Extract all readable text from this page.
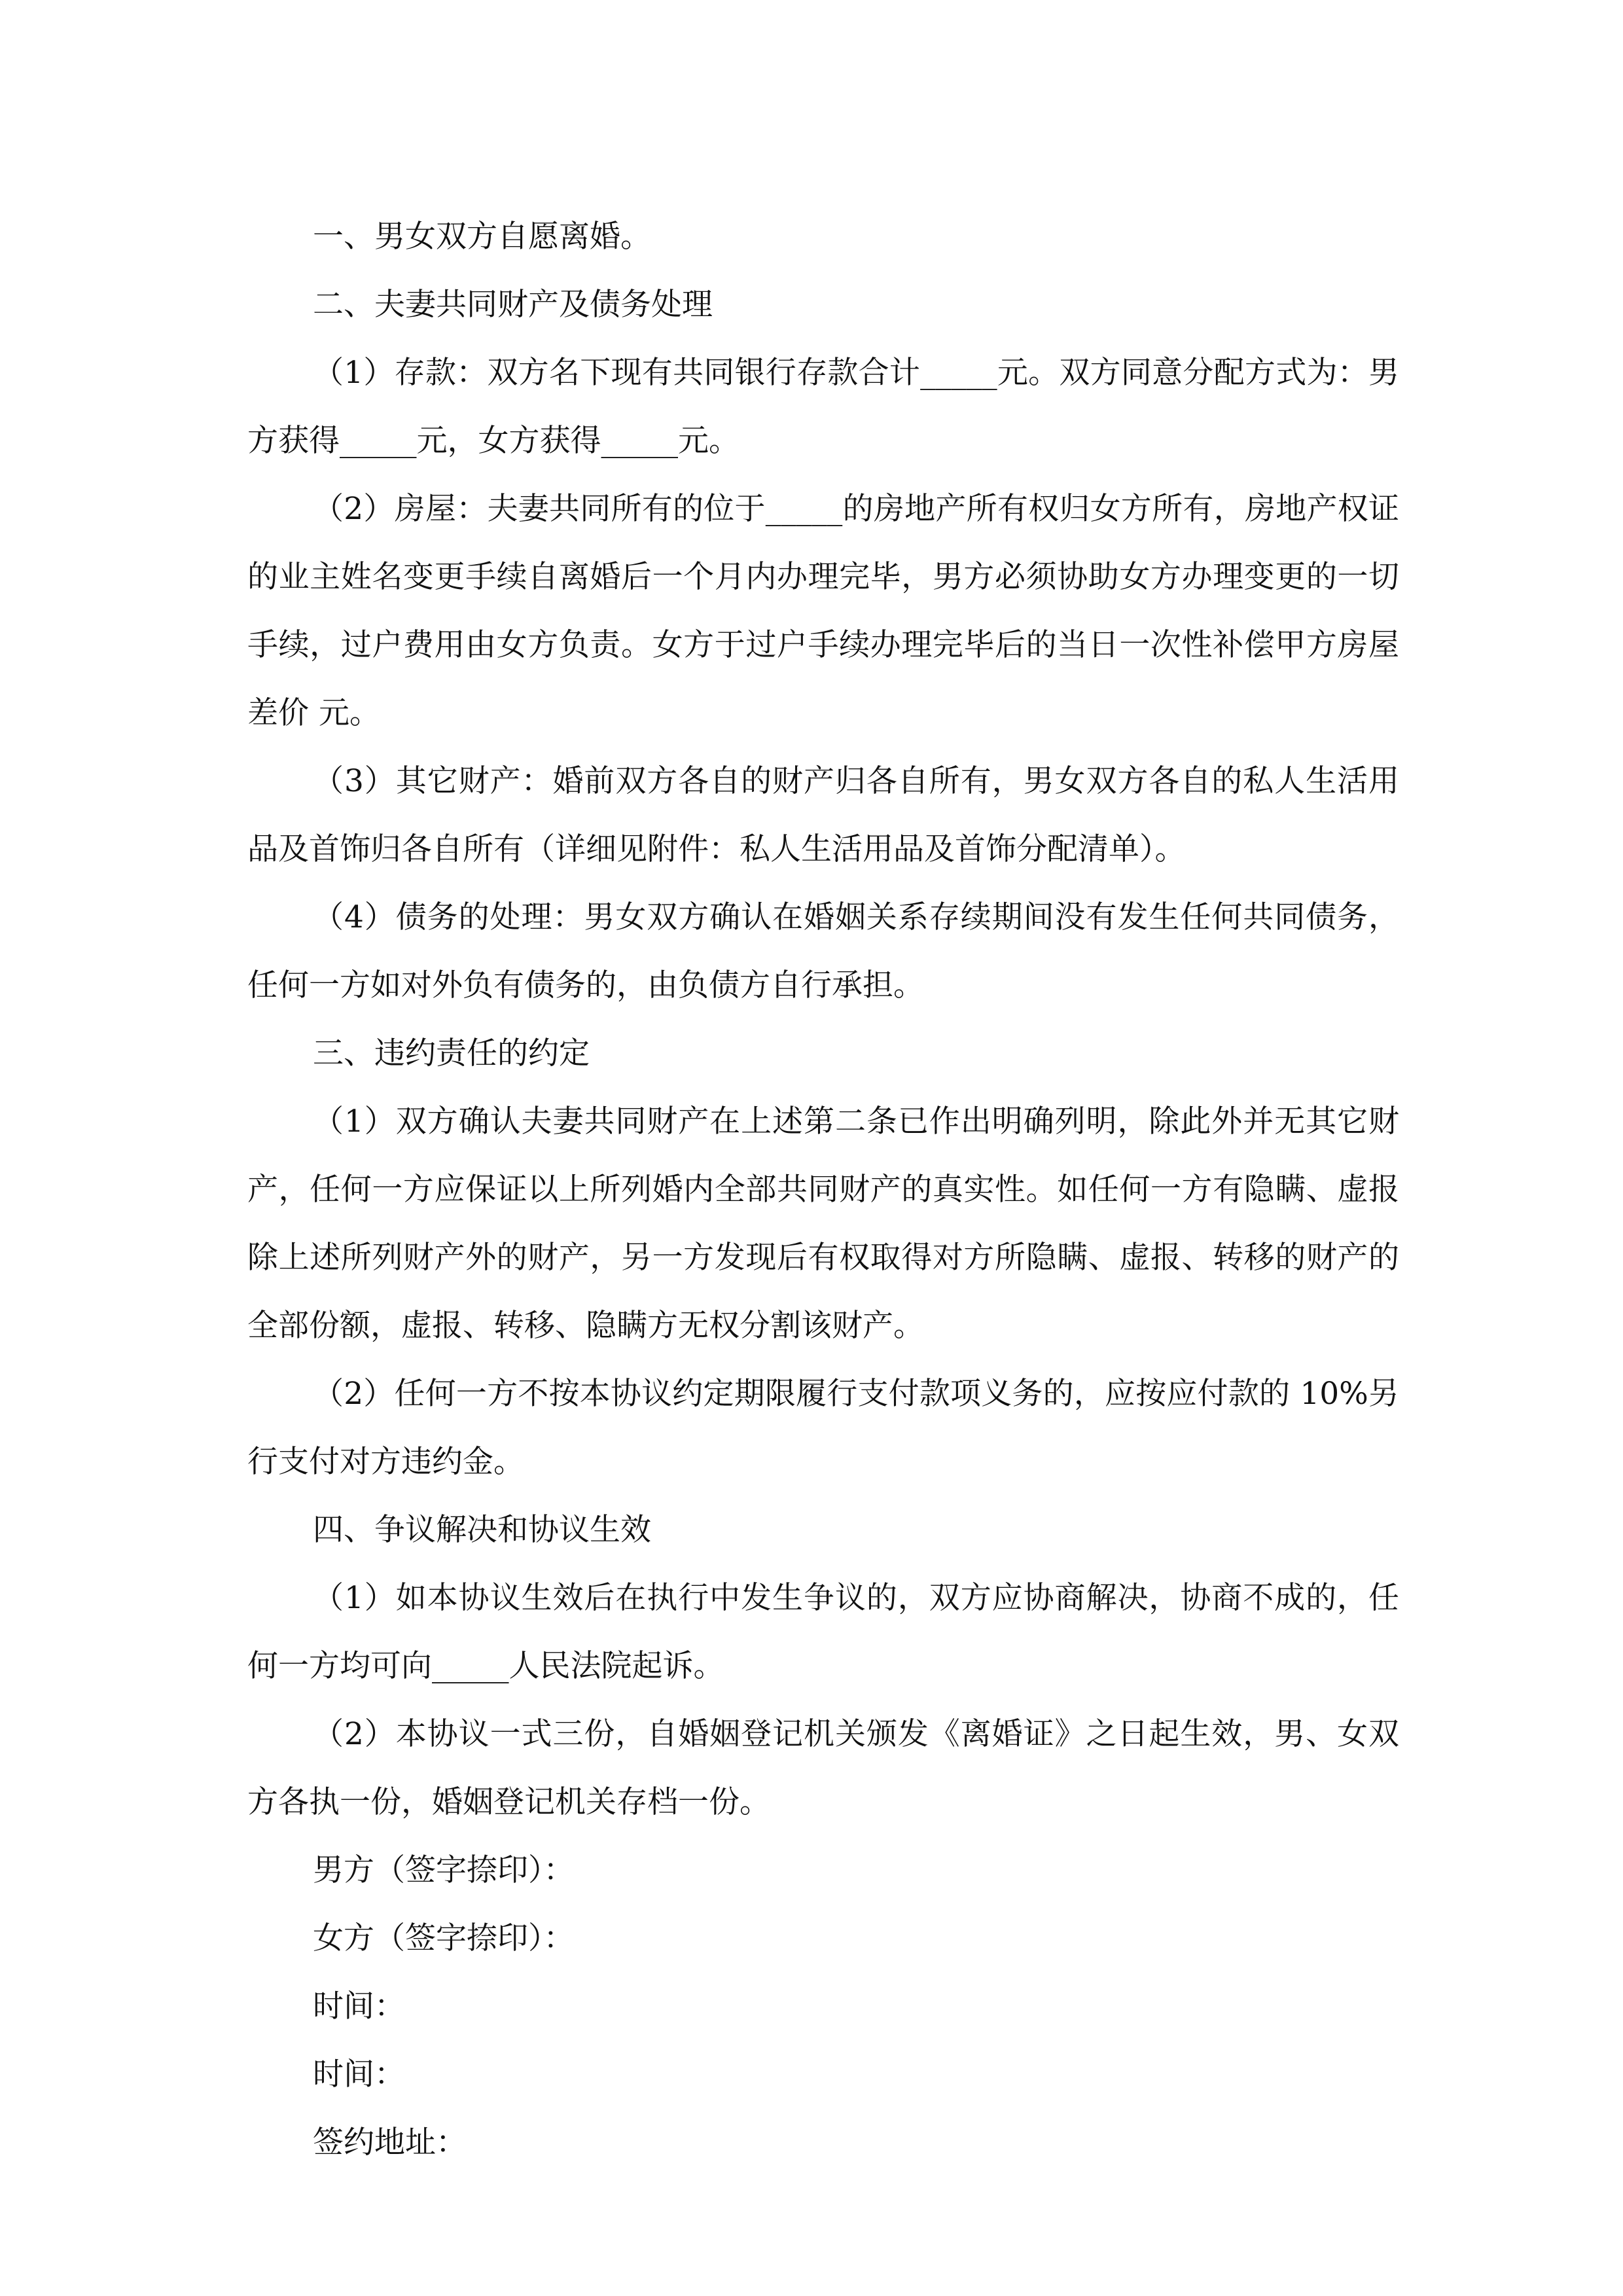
一、男女双方自愿离婚。

二、夫妻共同财产及债务处理

（1）存款：双方名下现有共同银行存款合计_____元。双方同意分配方式为：男方获得_____元，女方获得_____元。

（2）房屋：夫妻共同所有的位于_____的房地产所有权归女方所有，房地产权证的业主姓名变更手续自离婚后一个月内办理完毕，男方必须协助女方办理变更的一切手续，过户费用由女方负责。女方于过户手续办理完毕后的当日一次性补偿甲方房屋差价 元。

（3）其它财产：婚前双方各自的财产归各自所有，男女双方各自的私人生活用品及首饰归各自所有（详细见附件：私人生活用品及首饰分配清单）。

（4）债务的处理：男女双方确认在婚姻关系存续期间没有发生任何共同债务，任何一方如对外负有债务的，由负债方自行承担。

三、违约责任的约定

（1）双方确认夫妻共同财产在上述第二条已作出明确列明，除此外并无其它财产，任何一方应保证以上所列婚内全部共同财产的真实性。如任何一方有隐瞒、虚报除上述所列财产外的财产，另一方发现后有权取得对方所隐瞒、虚报、转移的财产的全部份额，虚报、转移、隐瞒方无权分割该财产。

（2）任何一方不按本协议约定期限履行支付款项义务的，应按应付款的 10%另行支付对方违约金。

四、争议解决和协议生效

（1）如本协议生效后在执行中发生争议的，双方应协商解决，协商不成的，任何一方均可向_____人民法院起诉。

（2）本协议一式三份，自婚姻登记机关颁发《离婚证》之日起生效，男、女双方各执一份，婚姻登记机关存档一份。

男方（签字捺印）：

女方（签字捺印）：

时间：

时间：

签约地址：
